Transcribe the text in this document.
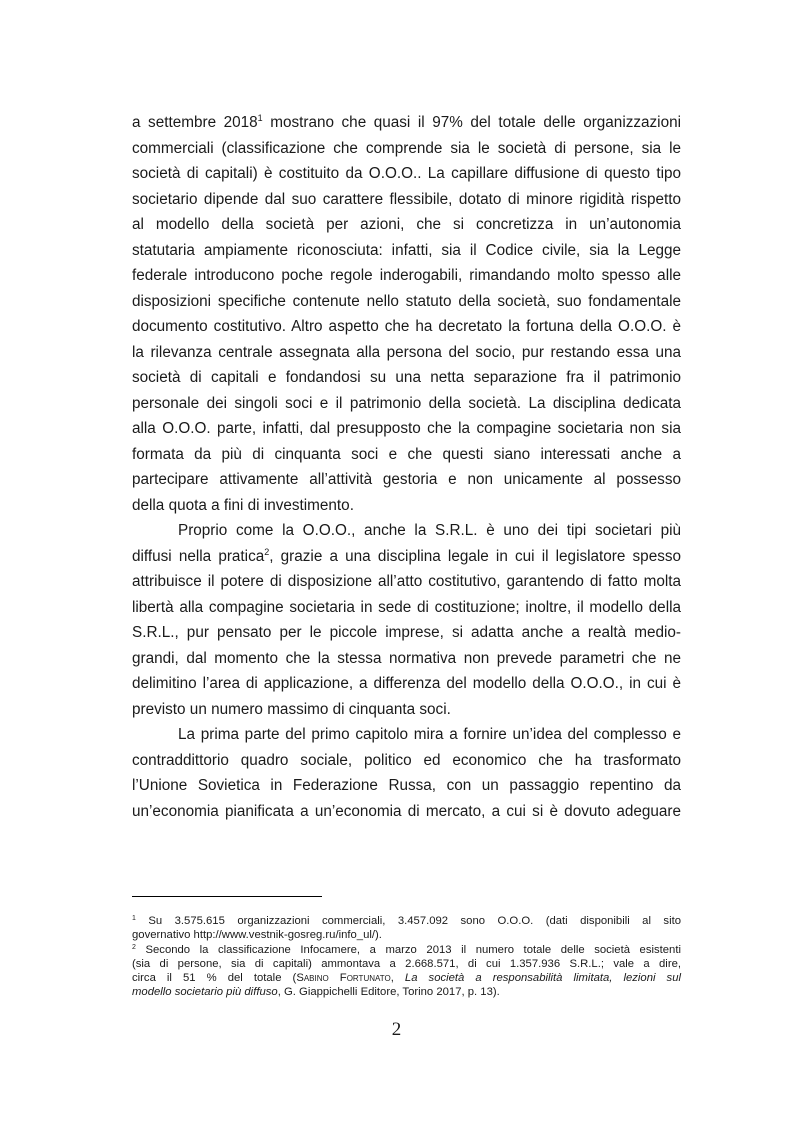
a settembre 2018$^1$ mostrano che quasi il 97% del totale delle organizzazioni
commerciali (classificazione che comprende sia le società di persone, sia le
società di capitali) è costituito da O.O.O.. La capillare diffusione di questo tipo
societario dipende dal suo carattere flessibile, dotato di minore rigidità rispetto
al modello della società per azioni, che si concretizza in un’autonomia
statutaria ampiamente riconosciuta: infatti, sia il Codice civile, sia la Legge
federale introducono poche regole inderogabili, rimandando molto spesso alle
disposizioni specifiche contenute nello statuto della società, suo fondamentale
documento costitutivo. Altro aspetto che ha decretato la fortuna della O.O.O. è
la rilevanza centrale assegnata alla persona del socio, pur restando essa una
società di capitali e fondandosi su una netta separazione fra il patrimonio
personale dei singoli soci e il patrimonio della società. La disciplina dedicata
alla O.O.O. parte, infatti, dal presupposto che la compagine societaria non sia
formata da più di cinquanta soci e che questi siano interessati anche a
partecipare attivamente all’attività gestoria e non unicamente al possesso
della quota a fini di investimento.
Proprio come la O.O.O., anche la S.R.L. è uno dei tipi societari più
diffusi nella pratica$^2$, grazie a una disciplina legale in cui il legislatore spesso
attribuisce il potere di disposizione all’atto costitutivo, garantendo di fatto molta
libertà alla compagine societaria in sede di costituzione; inoltre, il modello della
S.R.L., pur pensato per le piccole imprese, si adatta anche a realtà medio-
grandi, dal momento che la stessa normativa non prevede parametri che ne
delimitino l’area di applicazione, a differenza del modello della O.O.O., in cui è
previsto un numero massimo di cinquanta soci.
La prima parte del primo capitolo mira a fornire un’idea del complesso e
contraddittorio quadro sociale, politico ed economico che ha trasformato
l’Unione Sovietica in Federazione Russa, con un passaggio repentino da
un’economia pianificata a un’economia di mercato, a cui si è dovuto adeguare
$^1$ Su 3.575.615 organizzazioni commerciali, 3.457.092 sono O.O.O. (dati disponibili al sito
governativo http://www.vestnik-gosreg.ru/info_ul/).
$^2$ Secondo la classificazione Infocamere, a marzo 2013 il numero totale delle società esistenti
(sia di persone, sia di capitali) ammontava a 2.668.571, di cui 1.357.936 S.R.L.; vale a dire,
circa il 51 % del totale (Sabino Fortunato, La società a responsabilità limitata, lezioni sul
modello societario più diffuso, G. Giappichelli Editore, Torino 2017, p. 13).
2
